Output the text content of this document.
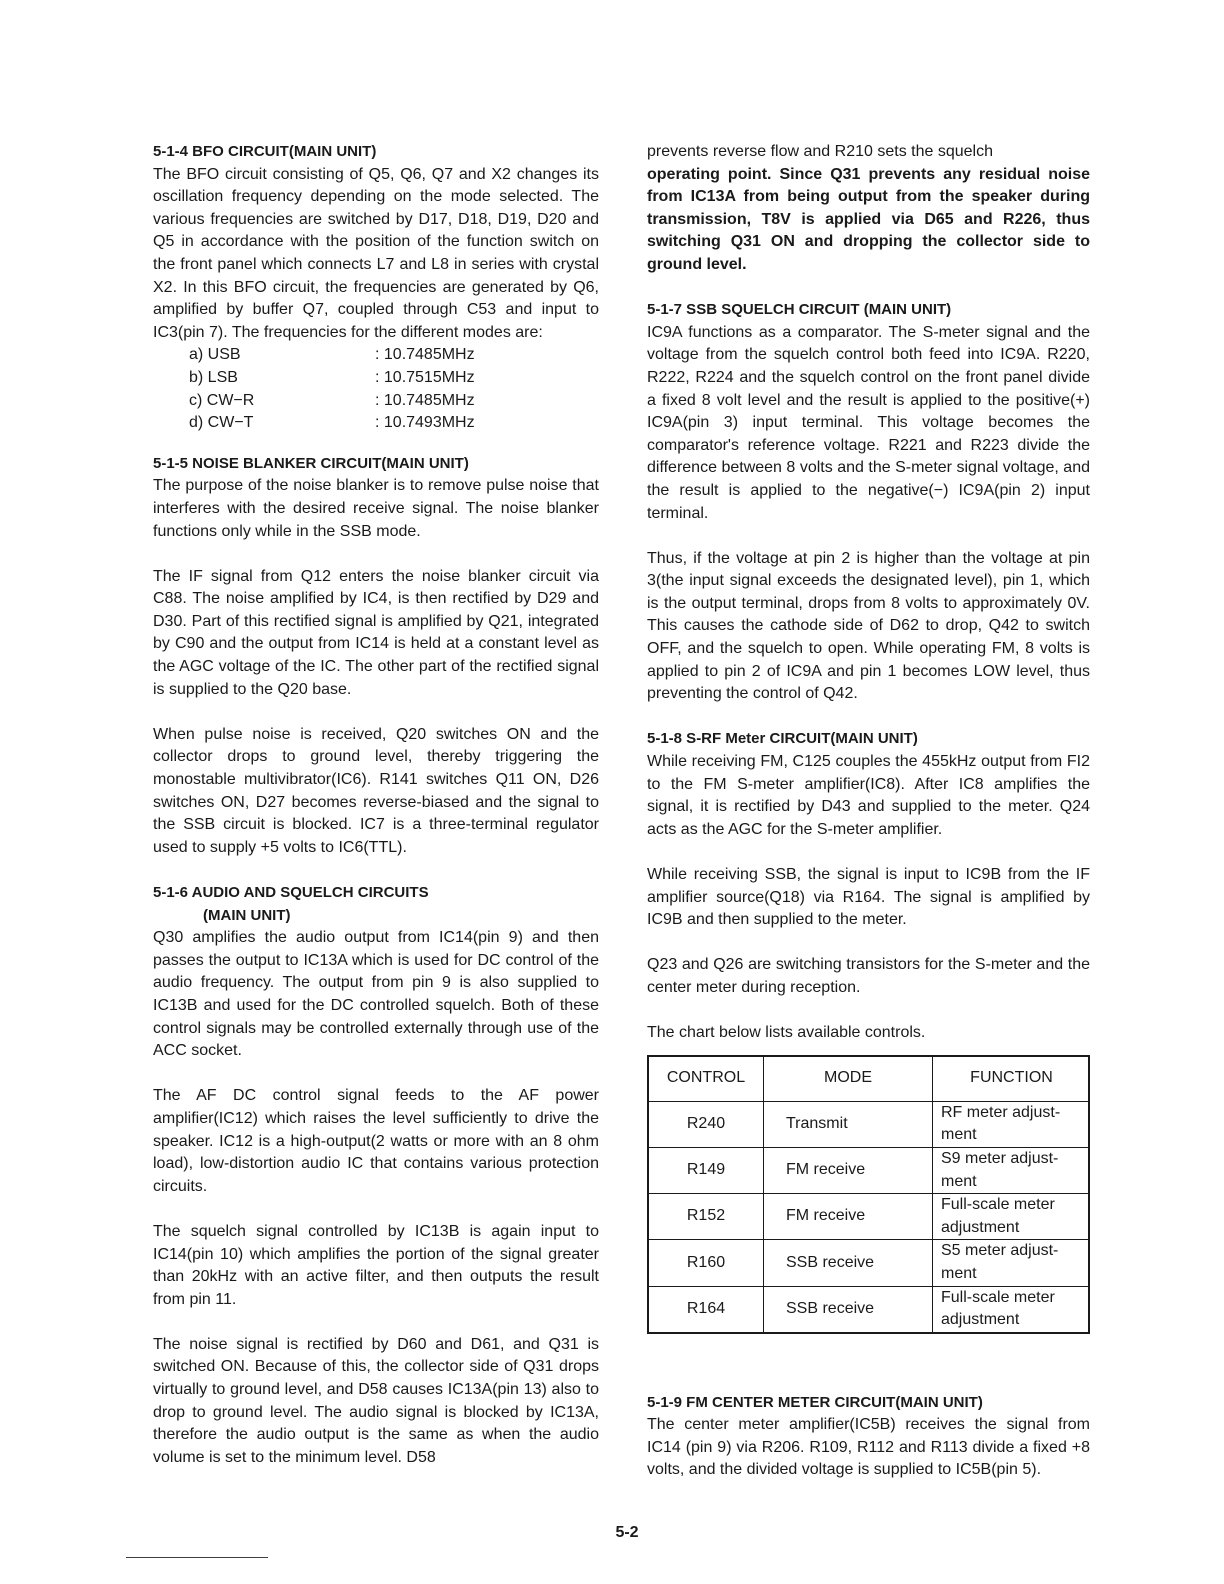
5-1-4 BFO CIRCUIT(MAIN UNIT)

The BFO circuit consisting of Q5, Q6, Q7 and X2 changes its oscillation frequency depending on the mode selected. The various frequencies are switched by D17, D18, D19, D20 and Q5 in accordance with the position of the function switch on the front panel which connects L7 and L8 in series with crystal X2. In this BFO circuit, the frequencies are generated by Q6, amplified by buffer Q7, coupled through C53 and input to IC3(pin 7). The frequencies for the different modes are:

a) USB	: 10.7485MHz
b) LSB	: 10.7515MHz
c) CW−R	: 10.7485MHz
d) CW−T	: 10.7493MHz
5-1-5 NOISE BLANKER CIRCUIT(MAIN UNIT)

The purpose of the noise blanker is to remove pulse noise that interferes with the desired receive signal. The noise blanker functions only while in the SSB mode.

The IF signal from Q12 enters the noise blanker circuit via C88. The noise amplified by IC4, is then rectified by D29 and D30. Part of this rectified signal is amplified by Q21, integrated by C90 and the output from IC14 is held at a constant level as the AGC voltage of the IC. The other part of the rectified signal is supplied to the Q20 base.

When pulse noise is received, Q20 switches ON and the collector drops to ground level, thereby triggering the monostable multivibrator(IC6). R141 switches Q11 ON, D26 switches ON, D27 becomes reverse-biased and the signal to the SSB circuit is blocked. IC7 is a three-terminal regulator used to supply +5 volts to IC6(TTL).

5-1-6 AUDIO AND SQUELCH CIRCUITS
(MAIN UNIT)

Q30 amplifies the audio output from IC14(pin 9) and then passes the output to IC13A which is used for DC control of the audio frequency. The output from pin 9 is also supplied to IC13B and used for the DC controlled squelch. Both of these control signals may be controlled externally through use of the ACC socket.

The AF DC control signal feeds to the AF power amplifier(IC12) which raises the level sufficiently to drive the speaker. IC12 is a high-output(2 watts or more with an 8 ohm load), low-distortion audio IC that contains various protection circuits.

The squelch signal controlled by IC13B is again input to IC14(pin 10) which amplifies the portion of the signal greater than 20kHz with an active filter, and then outputs the result from pin 11.

The noise signal is rectified by D60 and D61, and Q31 is switched ON. Because of this, the collector side of Q31 drops virtually to ground level, and D58 causes IC13A(pin 13) also to drop to ground level. The audio signal is blocked by IC13A, therefore the audio output is the same as when the audio volume is set to the minimum level. D58

prevents reverse flow and R210 sets the squelch

operating point. Since Q31 prevents any residual noise from IC13A from being output from the speaker during transmission, T8V is applied via D65 and R226, thus switching Q31 ON and dropping the collector side to ground level.

5-1-7 SSB SQUELCH CIRCUIT (MAIN UNIT)

IC9A functions as a comparator. The S-meter signal and the voltage from the squelch control both feed into IC9A. R220, R222, R224 and the squelch control on the front panel divide a fixed 8 volt level and the result is applied to the positive(+) IC9A(pin 3) input terminal. This voltage becomes the comparator's reference voltage. R221 and R223 divide the difference between 8 volts and the S-meter signal voltage, and the result is applied to the negative(−) IC9A(pin 2) input terminal.

Thus, if the voltage at pin 2 is higher than the voltage at pin 3(the input signal exceeds the designated level), pin 1, which is the output terminal, drops from 8 volts to approximately 0V. This causes the cathode side of D62 to drop, Q42 to switch OFF, and the squelch to open. While operating FM, 8 volts is applied to pin 2 of IC9A and pin 1 becomes LOW level, thus preventing the control of Q42.

5-1-8 S-RF Meter CIRCUIT(MAIN UNIT)

While receiving FM, C125 couples the 455kHz output from FI2 to the FM S-meter amplifier(IC8). After IC8 amplifies the signal, it is rectified by D43 and supplied to the meter. Q24 acts as the AGC for the S-meter amplifier.

While receiving SSB, the signal is input to IC9B from the IF amplifier source(Q18) via R164. The signal is amplified by IC9B and then supplied to the meter.

Q23 and Q26 are switching transistors for the S-meter and the center meter during reception.

The chart below lists available controls.

CONTROL	MODE	FUNCTION
R240	Transmit	RF meter adjust-ment
R149	FM receive	S9 meter adjust-ment
R152	FM receive	Full-scale meter adjustment
R160	SSB receive	S5 meter adjust-ment
R164	SSB receive	Full-scale meter adjustment
5-1-9 FM CENTER METER CIRCUIT(MAIN UNIT)

The center meter amplifier(IC5B) receives the signal from IC14 (pin 9) via R206. R109, R112 and R113 divide a fixed +8 volts, and the divided voltage is supplied to IC5B(pin 5).

5-2
